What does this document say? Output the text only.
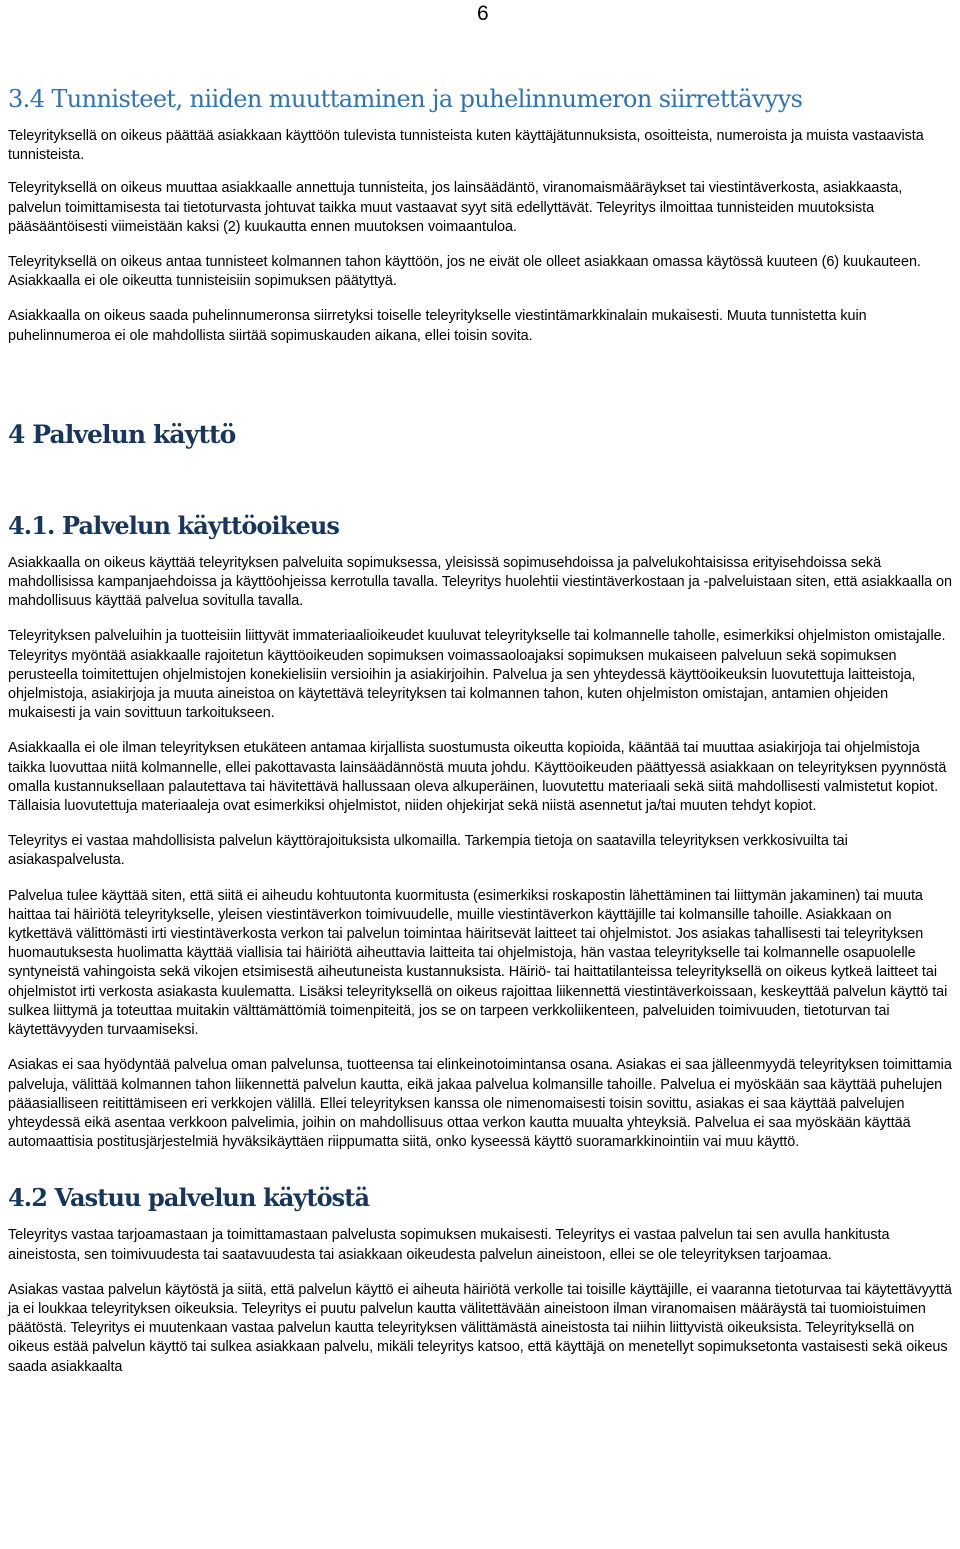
6
3.4 Tunnisteet, niiden muuttaminen ja puhelinnumeron siirrettävyys

Teleyrityksellä on oikeus päättää asiakkaan käyttöön tulevista tunnisteista kuten käyttäjätunnuksista, osoitteista, numeroista ja muista vastaavista tunnisteista.

Teleyrityksellä on oikeus muuttaa asiakkaalle annettuja tunnisteita, jos lainsäädäntö, viranomaismääräykset tai viestintäverkosta, asiakkaasta, palvelun toimittamisesta tai tietoturvasta johtuvat taikka muut vastaavat syyt sitä edellyttävät. Teleyritys ilmoittaa tunnisteiden muutoksista pääsääntöisesti viimeistään kaksi (2) kuukautta ennen muutoksen voimaantuloa.

Teleyrityksellä on oikeus antaa tunnisteet kolmannen tahon käyttöön, jos ne eivät ole olleet asiakkaan omassa käytössä kuuteen (6) kuukauteen. Asiakkaalla ei ole oikeutta tunnisteisiin sopimuksen päätyttyä.

Asiakkaalla on oikeus saada puhelinnumeronsa siirretyksi toiselle teleyritykselle viestintämarkkinalain mukaisesti. Muuta tunnistetta kuin puhelinnumeroa ei ole mahdollista siirtää sopimuskauden aikana, ellei toisin sovita.

4 Palvelun käyttö
4.1. Palvelun käyttöoikeus

Asiakkaalla on oikeus käyttää teleyrityksen palveluita sopimuksessa, yleisissä sopimusehdoissa ja palvelukohtaisissa erityisehdoissa sekä mahdollisissa kampanjaehdoissa ja käyttöohjeissa kerrotulla tavalla. Teleyritys huolehtii viestintäverkostaan ja -palveluistaan siten, että asiakkaalla on mahdollisuus käyttää palvelua sovitulla tavalla.

Teleyrityksen palveluihin ja tuotteisiin liittyvät immateriaalioikeudet kuuluvat teleyritykselle tai kolmannelle taholle, esimerkiksi ohjelmiston omistajalle. Teleyritys myöntää asiakkaalle rajoitetun käyttöoikeuden sopimuksen voimassaoloajaksi sopimuksen mukaiseen palveluun sekä sopimuksen perusteella toimitettujen ohjelmistojen konekielisiin versioihin ja asiakirjoihin. Palvelua ja sen yhteydessä käyttöoikeuksin luovutettuja laitteistoja, ohjelmistoja, asiakirjoja ja muuta aineistoa on käytettävä teleyrityksen tai kolmannen tahon, kuten ohjelmiston omistajan, antamien ohjeiden mukaisesti ja vain sovittuun tarkoitukseen.

Asiakkaalla ei ole ilman teleyrityksen etukäteen antamaa kirjallista suostumusta oikeutta kopioida, kääntää tai muuttaa asiakirjoja tai ohjelmistoja taikka luovuttaa niitä kolmannelle, ellei pakottavasta lainsäädännöstä muuta johdu. Käyttöoikeuden päättyessä asiakkaan on teleyrityksen pyynnöstä omalla kustannuksellaan palautettava tai hävitettävä hallussaan oleva alkuperäinen, luovutettu materiaali sekä siitä mahdollisesti valmistetut kopiot. Tällaisia luovutettuja materiaaleja ovat esimerkiksi ohjelmistot, niiden ohjekirjat sekä niistä asennetut ja/tai muuten tehdyt kopiot.

Teleyritys ei vastaa mahdollisista palvelun käyttörajoituksista ulkomailla. Tarkempia tietoja on saatavilla teleyrityksen verkkosivuilta tai asiakaspalvelusta.

Palvelua tulee käyttää siten, että siitä ei aiheudu kohtuutonta kuormitusta (esimerkiksi roskapostin lähettäminen tai liittymän jakaminen) tai muuta haittaa tai häiriötä teleyritykselle, yleisen viestintäverkon toimivuudelle, muille viestintäverkon käyttäjille tai kolmansille tahoille. Asiakkaan on kytkettävä välittömästi irti viestintäverkosta verkon tai palvelun toimintaa häiritsevät laitteet tai ohjelmistot. Jos asiakas tahallisesti tai teleyrityksen huomautuksesta huolimatta käyttää viallisia tai häiriötä aiheuttavia laitteita tai ohjelmistoja, hän vastaa teleyritykselle tai kolmannelle osapuolelle syntyneistä vahingoista sekä vikojen etsimisestä aiheutuneista kustannuksista. Häiriö- tai haittatilanteissa teleyrityksellä on oikeus kytkeä laitteet tai ohjelmistot irti verkosta asiakasta kuulematta. Lisäksi teleyrityksellä on oikeus rajoittaa liikennettä viestintäverkoissaan, keskeyttää palvelun käyttö tai sulkea liittymä ja toteuttaa muitakin välttämättömiä toimenpiteitä, jos se on tarpeen verkkoliikenteen, palveluiden toimivuuden, tietoturvan tai käytettävyyden turvaamiseksi.

Asiakas ei saa hyödyntää palvelua oman palvelunsa, tuotteensa tai elinkeinotoimintansa osana. Asiakas ei saa jälleenmyydä teleyrityksen toimittamia palveluja, välittää kolmannen tahon liikennettä palvelun kautta, eikä jakaa palvelua kolmansille tahoille. Palvelua ei myöskään saa käyttää puhelujen pääasialliseen reitittämiseen eri verkkojen välillä. Ellei teleyrityksen kanssa ole nimenomaisesti toisin sovittu, asiakas ei saa käyttää palvelujen yhteydessä eikä asentaa verkkoon palvelimia, joihin on mahdollisuus ottaa verkon kautta muualta yhteyksiä. Palvelua ei saa myöskään käyttää automaattisia postitusjärjestelmiä hyväksikäyttäen riippumatta siitä, onko kyseessä käyttö suoramarkkinointiin vai muu käyttö.

4.2 Vastuu palvelun käytöstä

Teleyritys vastaa tarjoamastaan ja toimittamastaan palvelusta sopimuksen mukaisesti. Teleyritys ei vastaa palvelun tai sen avulla hankitusta aineistosta, sen toimivuudesta tai saatavuudesta tai asiakkaan oikeudesta palvelun aineistoon, ellei se ole teleyrityksen tarjoamaa.

Asiakas vastaa palvelun käytöstä ja siitä, että palvelun käyttö ei aiheuta häiriötä verkolle tai toisille käyttäjille, ei vaaranna tietoturvaa tai käytettävyyttä ja ei loukkaa teleyrityksen oikeuksia. Teleyritys ei puutu palvelun kautta välitettävään aineistoon ilman viranomaisen määräystä tai tuomioistuimen päätöstä. Teleyritys ei muutenkaan vastaa palvelun kautta teleyrityksen välittämästä aineistosta tai niihin liittyvistä oikeuksista. Teleyrityksellä on oikeus estää palvelun käyttö tai sulkea asiakkaan palvelu, mikäli teleyritys katsoo, että käyttäjä on menetellyt sopimuksetonta vastaisesti sekä oikeus saada asiakkaalta
